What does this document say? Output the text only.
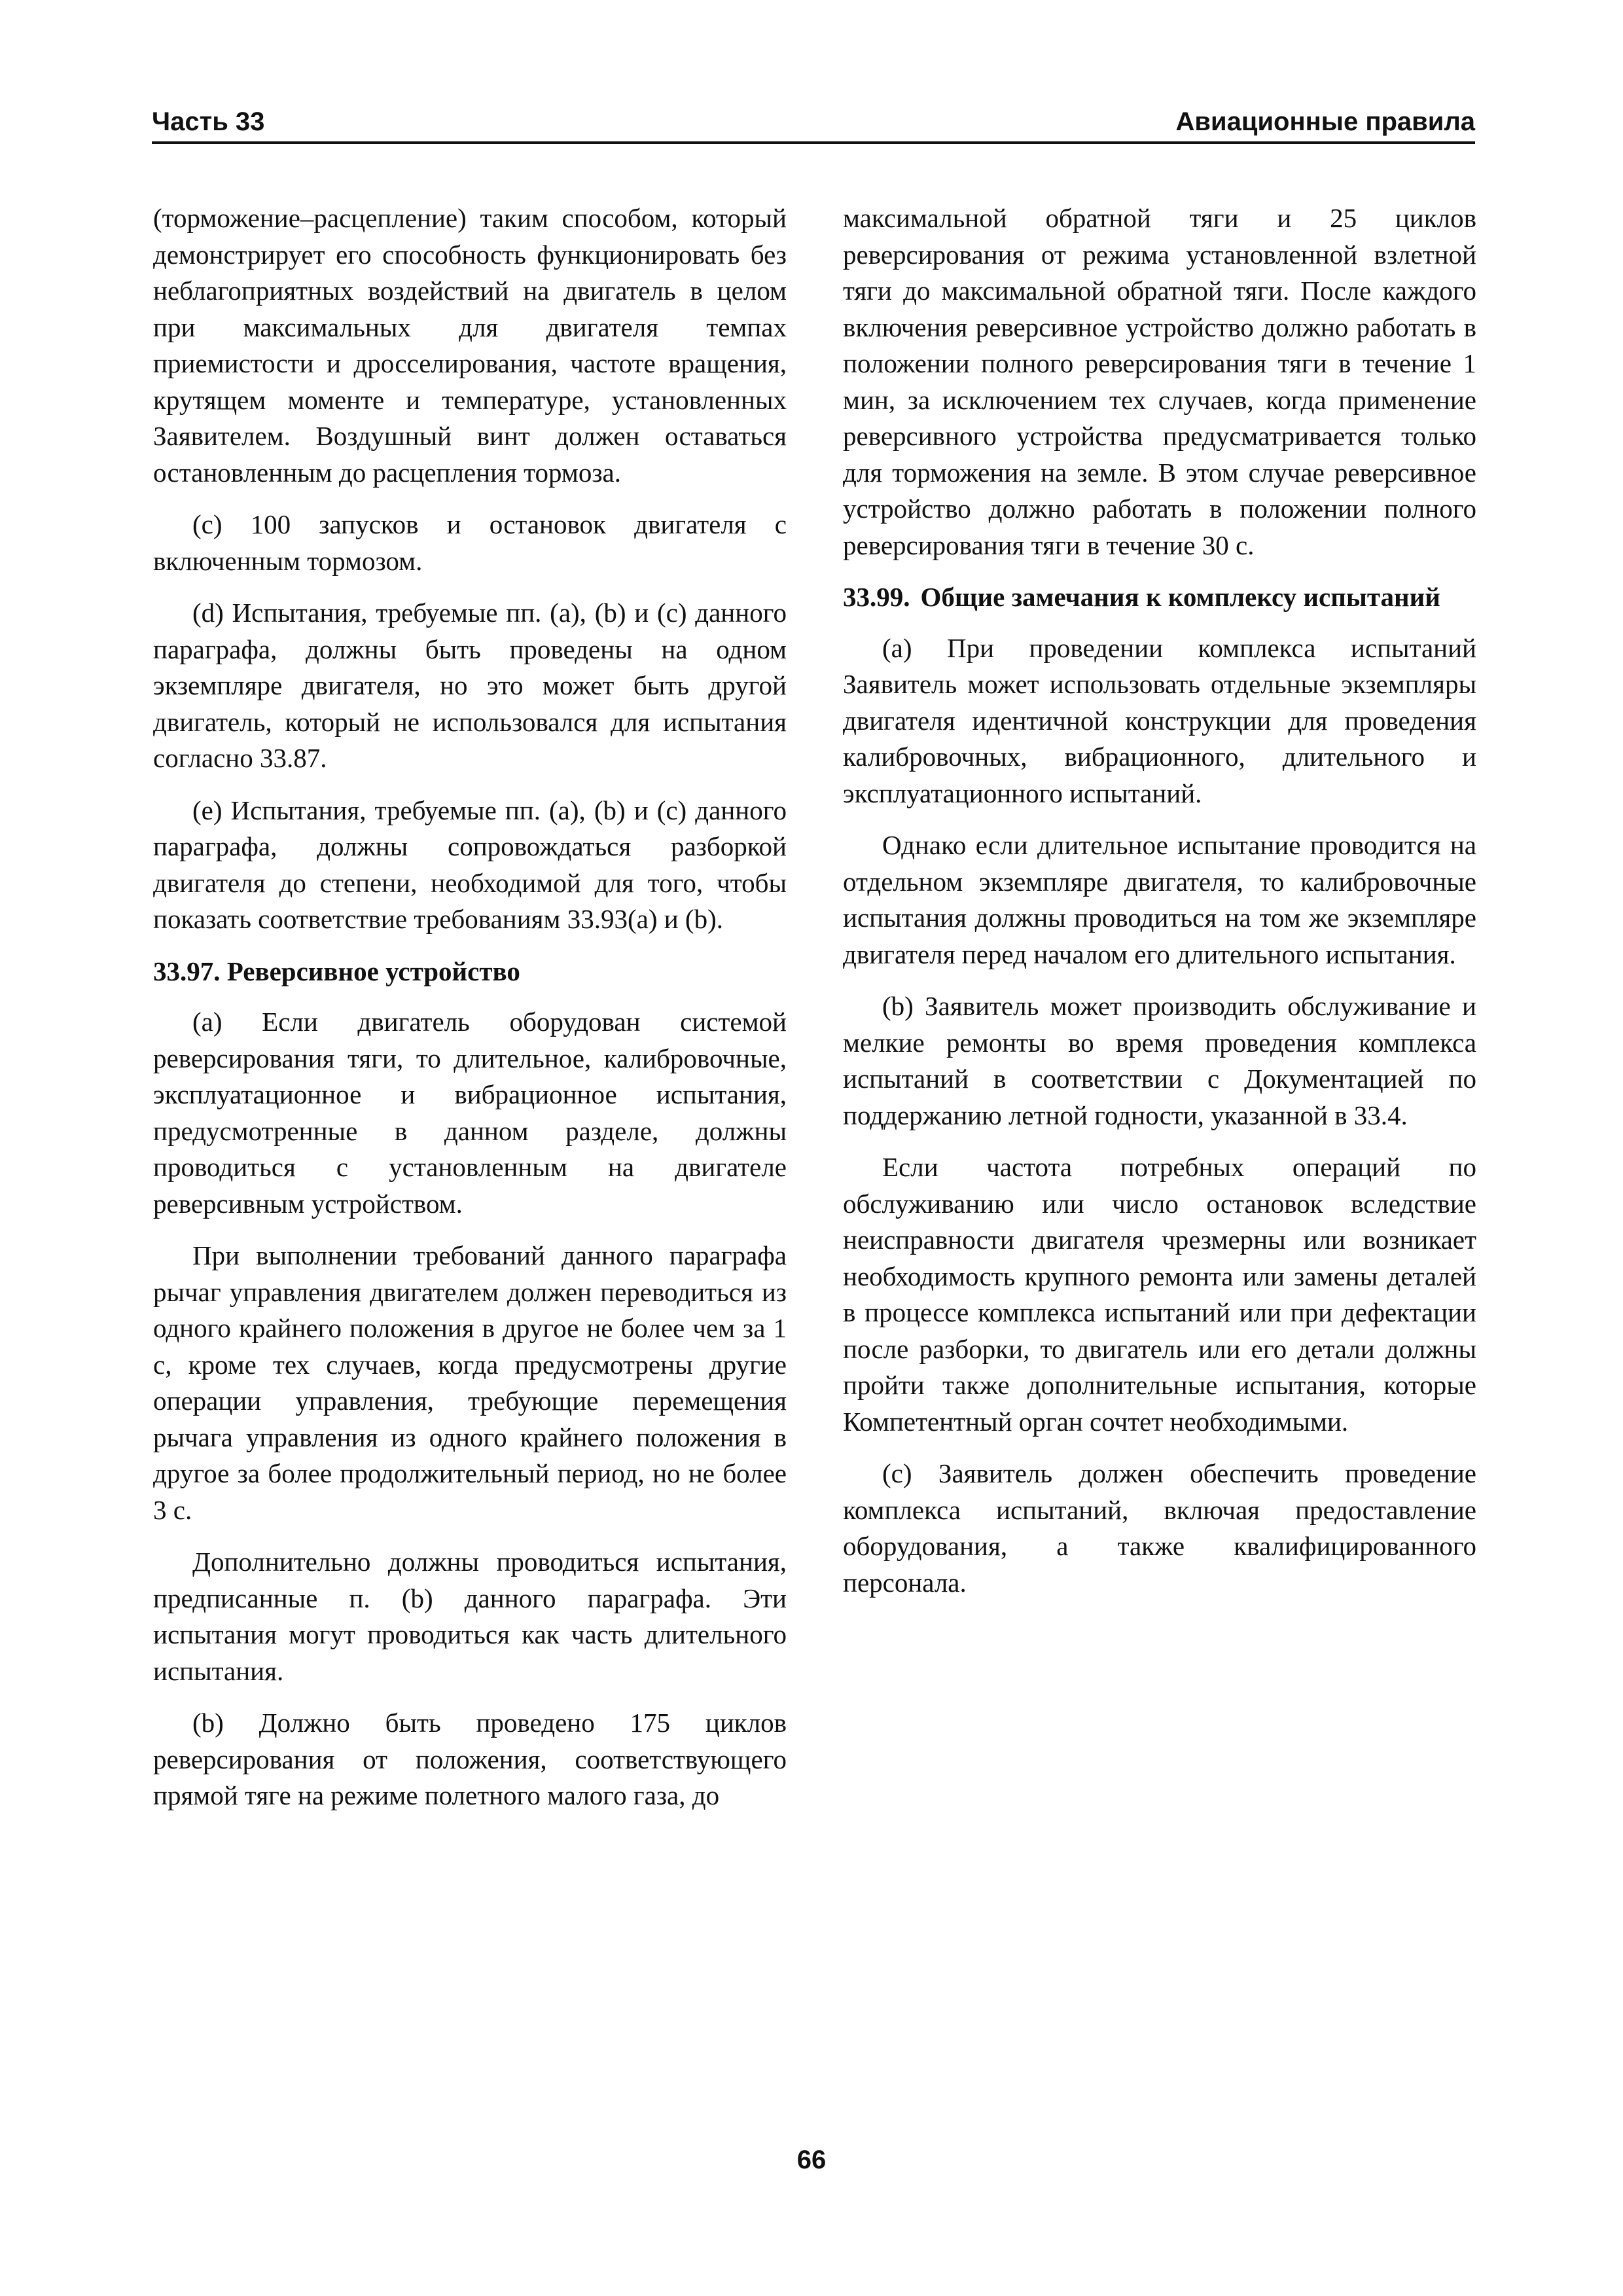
Часть 33	Авиационные правила

(торможение–расцепление) таким способом, который демонстрирует его способность функционировать без неблагоприятных воздействий на двигатель в целом при максимальных для двигателя темпах приемистости и дросселирования, частоте вращения, крутящем моменте и температуре, установленных Заявителем. Воздушный винт должен оставаться остановленным до расцепления тормоза.

(с) 100 запусков и остановок двигателя с включенным тормозом.

(d) Испытания, требуемые пп. (a), (b) и (c) данного параграфа, должны быть проведены на одном экземпляре двигателя, но это может быть другой двигатель, который не использовался для испытания согласно 33.87.

(e) Испытания, требуемые пп. (a), (b) и (c) данного параграфа, должны сопровождаться разборкой двигателя до степени, необходимой для того, чтобы показать соответствие требованиям 33.93(a) и (b).

33.97. Реверсивное устройство

(a) Если двигатель оборудован системой реверсирования тяги, то длительное, калибровочные, эксплуатационное и вибрационное испытания, предусмотренные в данном разделе, должны проводиться с установленным на двигателе реверсивным устройством.

При выполнении требований данного параграфа рычаг управления двигателем должен переводиться из одного крайнего положения в другое не более чем за 1 с, кроме тех случаев, когда предусмотрены другие операции управления, требующие перемещения рычага управления из одного крайнего положения в другое за более продолжительный период, но не более 3 с.

Дополнительно должны проводиться испытания, предписанные п. (b) данного параграфа. Эти испытания могут проводиться как часть длительного испытания.

(b) Должно быть проведено 175 циклов реверсирования от положения, соответствующего прямой тяге на режиме полетного малого газа, до

максимальной обратной тяги и 25 циклов реверсирования от режима установленной взлетной тяги до максимальной обратной тяги. После каждого включения реверсивное устройство должно работать в положении полного реверсирования тяги в течение 1 мин, за исключением тех случаев, когда применение реверсивного устройства предусматривается только для торможения на земле. В этом случае реверсивное устройство должно работать в положении полного реверсирования тяги в течение 30 с.

33.99. Общие замечания к комплексу испытаний

(a) При проведении комплекса испытаний Заявитель может использовать отдельные экземпляры двигателя идентичной конструкции для проведения калибровочных, вибрационного, длительного и эксплуатационного испытаний.

Однако если длительное испытание проводится на отдельном экземпляре двигателя, то калибровочные испытания должны проводиться на том же экземпляре двигателя перед началом его длительного испытания.

(b) Заявитель может производить обслуживание и мелкие ремонты во время проведения комплекса испытаний в соответствии с Документацией по поддержанию летной годности, указанной в 33.4.

Если частота потребных операций по обслуживанию или число остановок вследствие неисправности двигателя чрезмерны или возникает необходимость крупного ремонта или замены деталей в процессе комплекса испытаний или при дефектации после разборки, то двигатель или его детали должны пройти также дополнительные испытания, которые Компетентный орган сочтет необходимыми.

(c) Заявитель должен обеспечить проведение комплекса испытаний, включая предоставление оборудования, а также квалифицированного персонала.

66
